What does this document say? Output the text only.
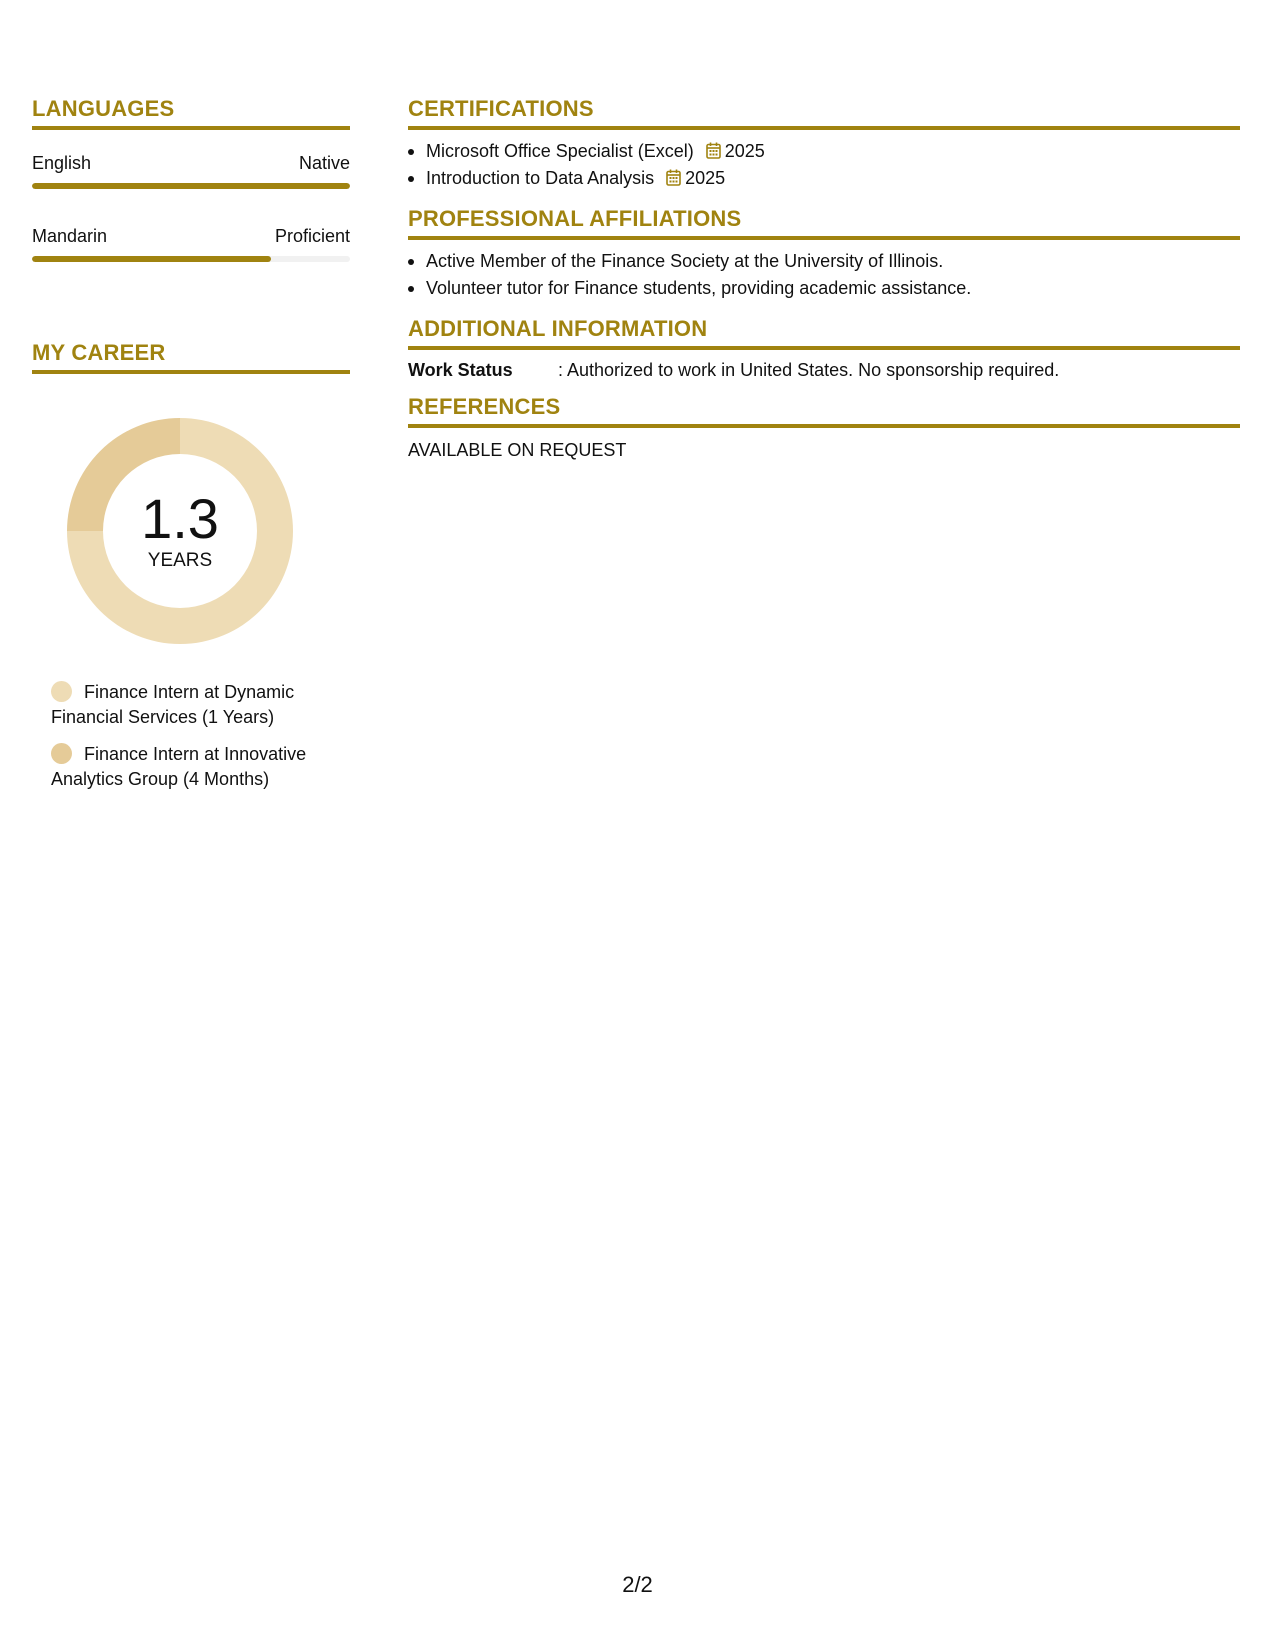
LANGUAGES
English	Native
Mandarin	Proficient
MY CAREER
1.3
YEARS
Finance Intern at Dynamic Financial Services (1 Years)
Finance Intern at Innovative Analytics Group (4 Months)
CERTIFICATIONS
Microsoft Office Specialist (Excel) 2025
Introduction to Data Analysis 2025
PROFESSIONAL AFFILIATIONS
Active Member of the Finance Society at the University of Illinois.
Volunteer tutor for Finance students, providing academic assistance.
ADDITIONAL INFORMATION
Work Status	: Authorized to work in United States. No sponsorship required.
REFERENCES
AVAILABLE ON REQUEST
2/2
